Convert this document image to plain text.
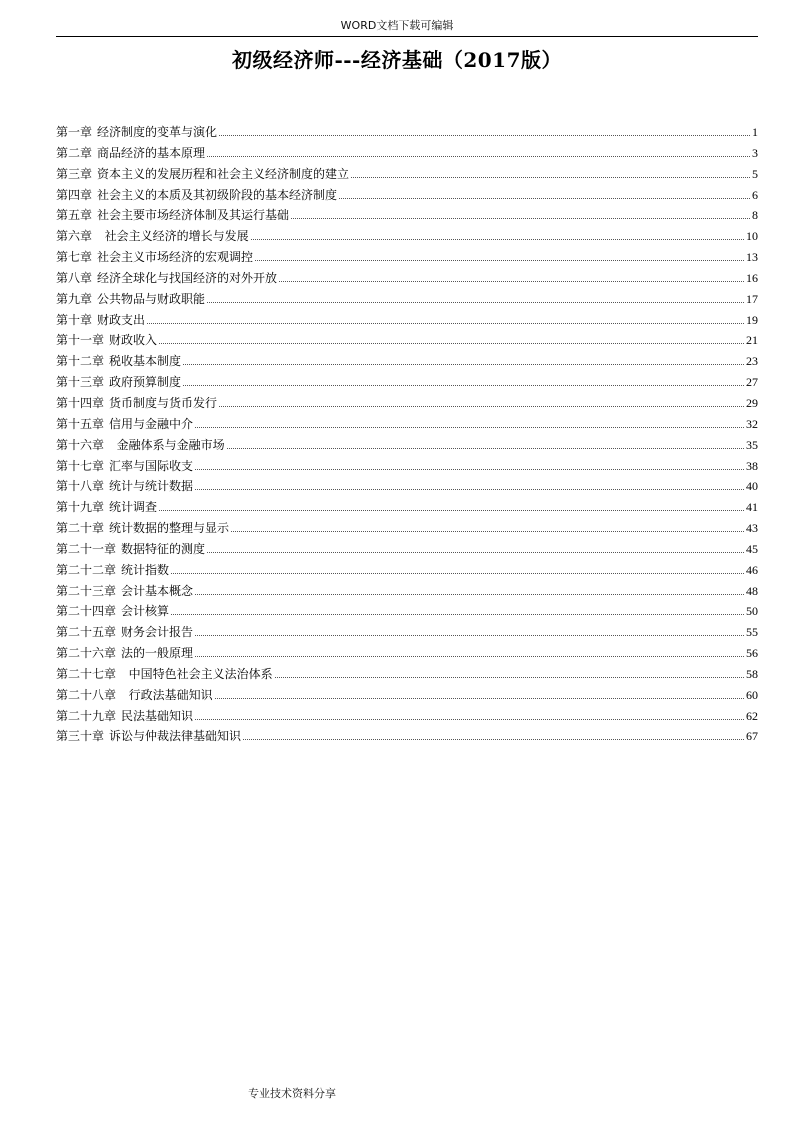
WORD文档下载可编辑
初级经济师---经济基础（2017版）
第一章 经济制度的变革与演化	1
第二章 商品经济的基本原理	3
第三章 资本主义的发展历程和社会主义经济制度的建立	5
第四章 社会主义的本质及其初级阶段的基本经济制度	6
第五章 社会主要市场经济体制及其运行基础	8
第六章 社会主义经济的增长与发展	10
第七章 社会主义市场经济的宏观调控	13
第八章 经济全球化与找国经济的对外开放	16
第九章 公共物品与财政职能	17
第十章 财政支出	19
第十一章 财政收入	21
第十二章 税收基本制度	23
第十三章 政府预算制度	27
第十四章 货币制度与货币发行	29
第十五章 信用与金融中介	32
第十六章 金融体系与金融市场	35
第十七章 汇率与国际收支	38
第十八章 统计与统计数据	40
第十九章 统计调查	41
第二十章 统计数据的整理与显示	43
第二十一章 数据特征的测度	45
第二十二章 统计指数	46
第二十三章 会计基本概念	48
第二十四章 会计核算	50
第二十五章 财务会计报告	55
第二十六章 法的一般原理	56
第二十七章 中国特色社会主义法治体系	58
第二十八章 行政法基础知识	60
第二十九章 民法基础知识	62
第三十章 诉讼与仲裁法律基础知识	67
专业技术资料分享
